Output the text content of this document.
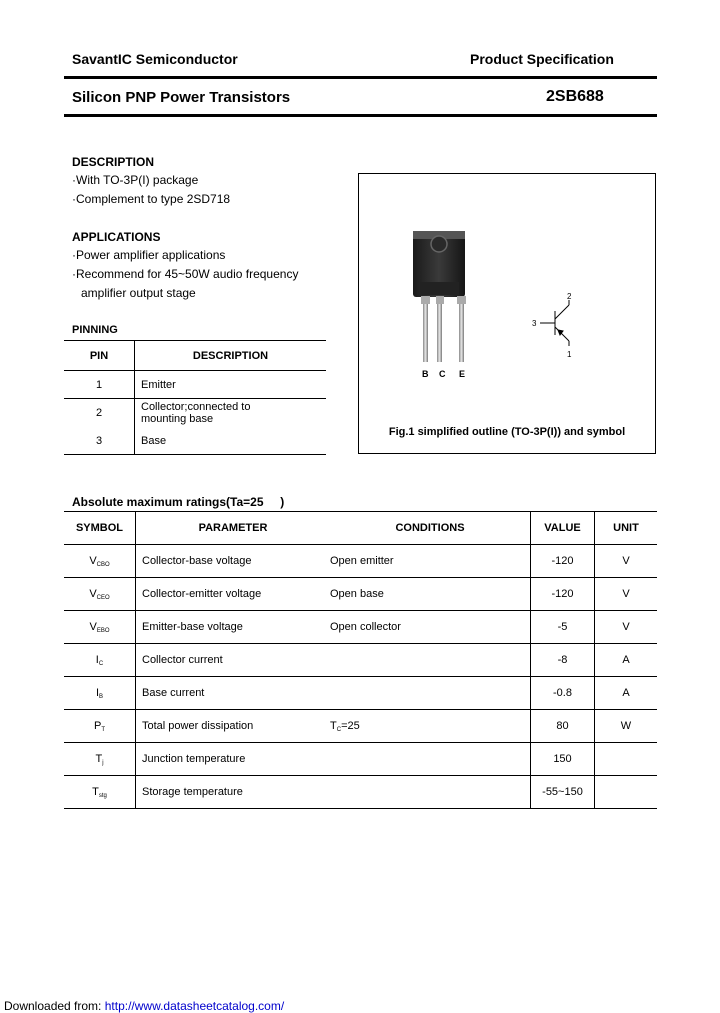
SavantIC Semiconductor	Product Specification
Silicon PNP Power Transistors	2SB688
DESCRIPTION
·With TO-3P(I) package
·Complement to type 2SD718
APPLICATIONS
·Power amplifier applications
·Recommend for 45~50W audio frequency
amplifier output stage
PINNING
PIN	DESCRIPTION
1	Emitter
2	Collector;connected to
mounting base

3	Base
B C E
2
3
1
Fig.1 simplified outline (TO-3P(I)) and symbol
Absolute maximum ratings(Ta=25 )
SYMBOL	PARAMETER	CONDITIONS	VALUE	UNIT
$V_{CBO}$	Collector-base voltage	Open emitter	-120	V
$V_{CEO}$	Collector-emitter voltage	Open base	-120	V
$V_{EBO}$	Emitter-base voltage	Open collector	-5	V
$I_C$	Collector current		-8	A
$I_B$	Base current		-0.8	A
$P_T$	Total power dissipation	$T_C=25$	80	W
$T_j$	Junction temperature		150	
$T_{stg}$	Storage temperature		-55~150	
Downloaded from: http://www.datasheetcatalog.com/
